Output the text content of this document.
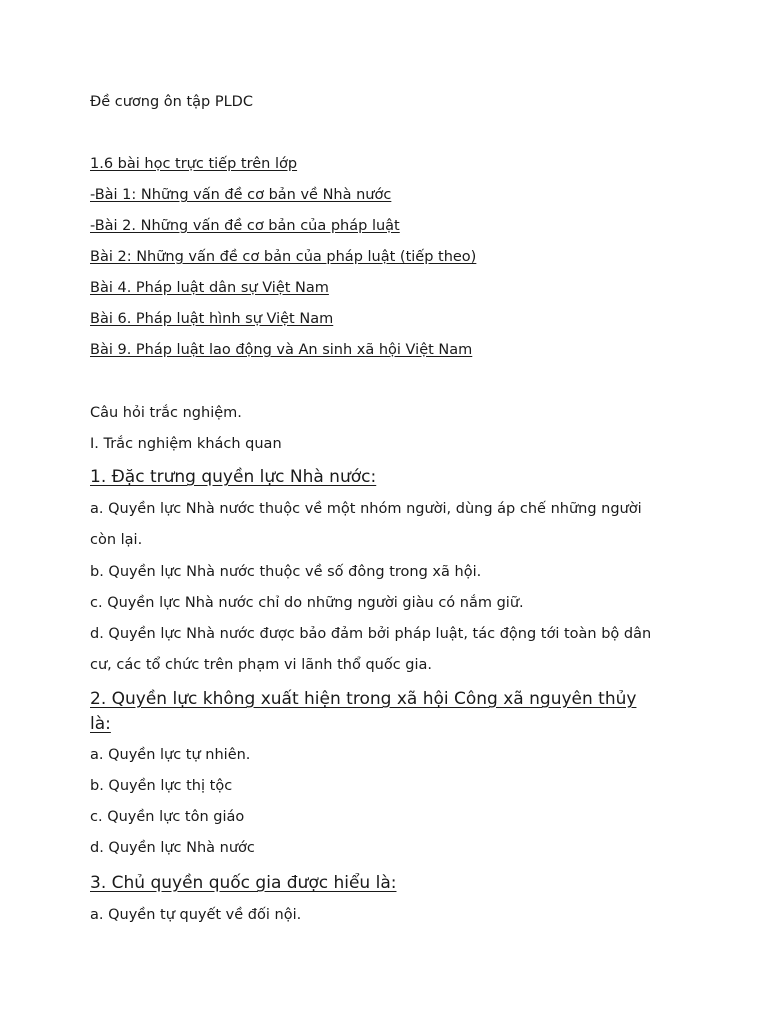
Đề cương ôn tập PLDC
1.6 bài học trực tiếp trên lớp
-Bài 1: Những vấn đề cơ bản về Nhà nước
-Bài 2. Những vấn đề cơ bản của pháp luật
Bài 2: Những vấn đề cơ bản của pháp luật (tiếp theo)
Bài 4. Pháp luật dân sự Việt Nam
Bài 6. Pháp luật hình sự Việt Nam
Bài 9. Pháp luật lao động và An sinh xã hội Việt Nam
Câu hỏi trắc nghiệm.
I. Trắc nghiệm khách quan
1. Đặc trưng quyền lực Nhà nước:
a. Quyền lực Nhà nước thuộc về một nhóm người, dùng áp chế những người
còn lại.
b. Quyền lực Nhà nước thuộc về số đông trong xã hội.
c. Quyền lực Nhà nước chỉ do những người giàu có nắm giữ.
d. Quyền lực Nhà nước được bảo đảm bởi pháp luật, tác động tới toàn bộ dân
cư, các tổ chức trên phạm vi lãnh thổ quốc gia.
2. Quyền lực không xuất hiện trong xã hội Công xã nguyên thủy
là:
a. Quyền lực tự nhiên.
b. Quyền lực thị tộc
c. Quyền lực tôn giáo
d. Quyền lực Nhà nước
3. Chủ quyền quốc gia được hiểu là:
a. Quyền tự quyết về đối nội.
